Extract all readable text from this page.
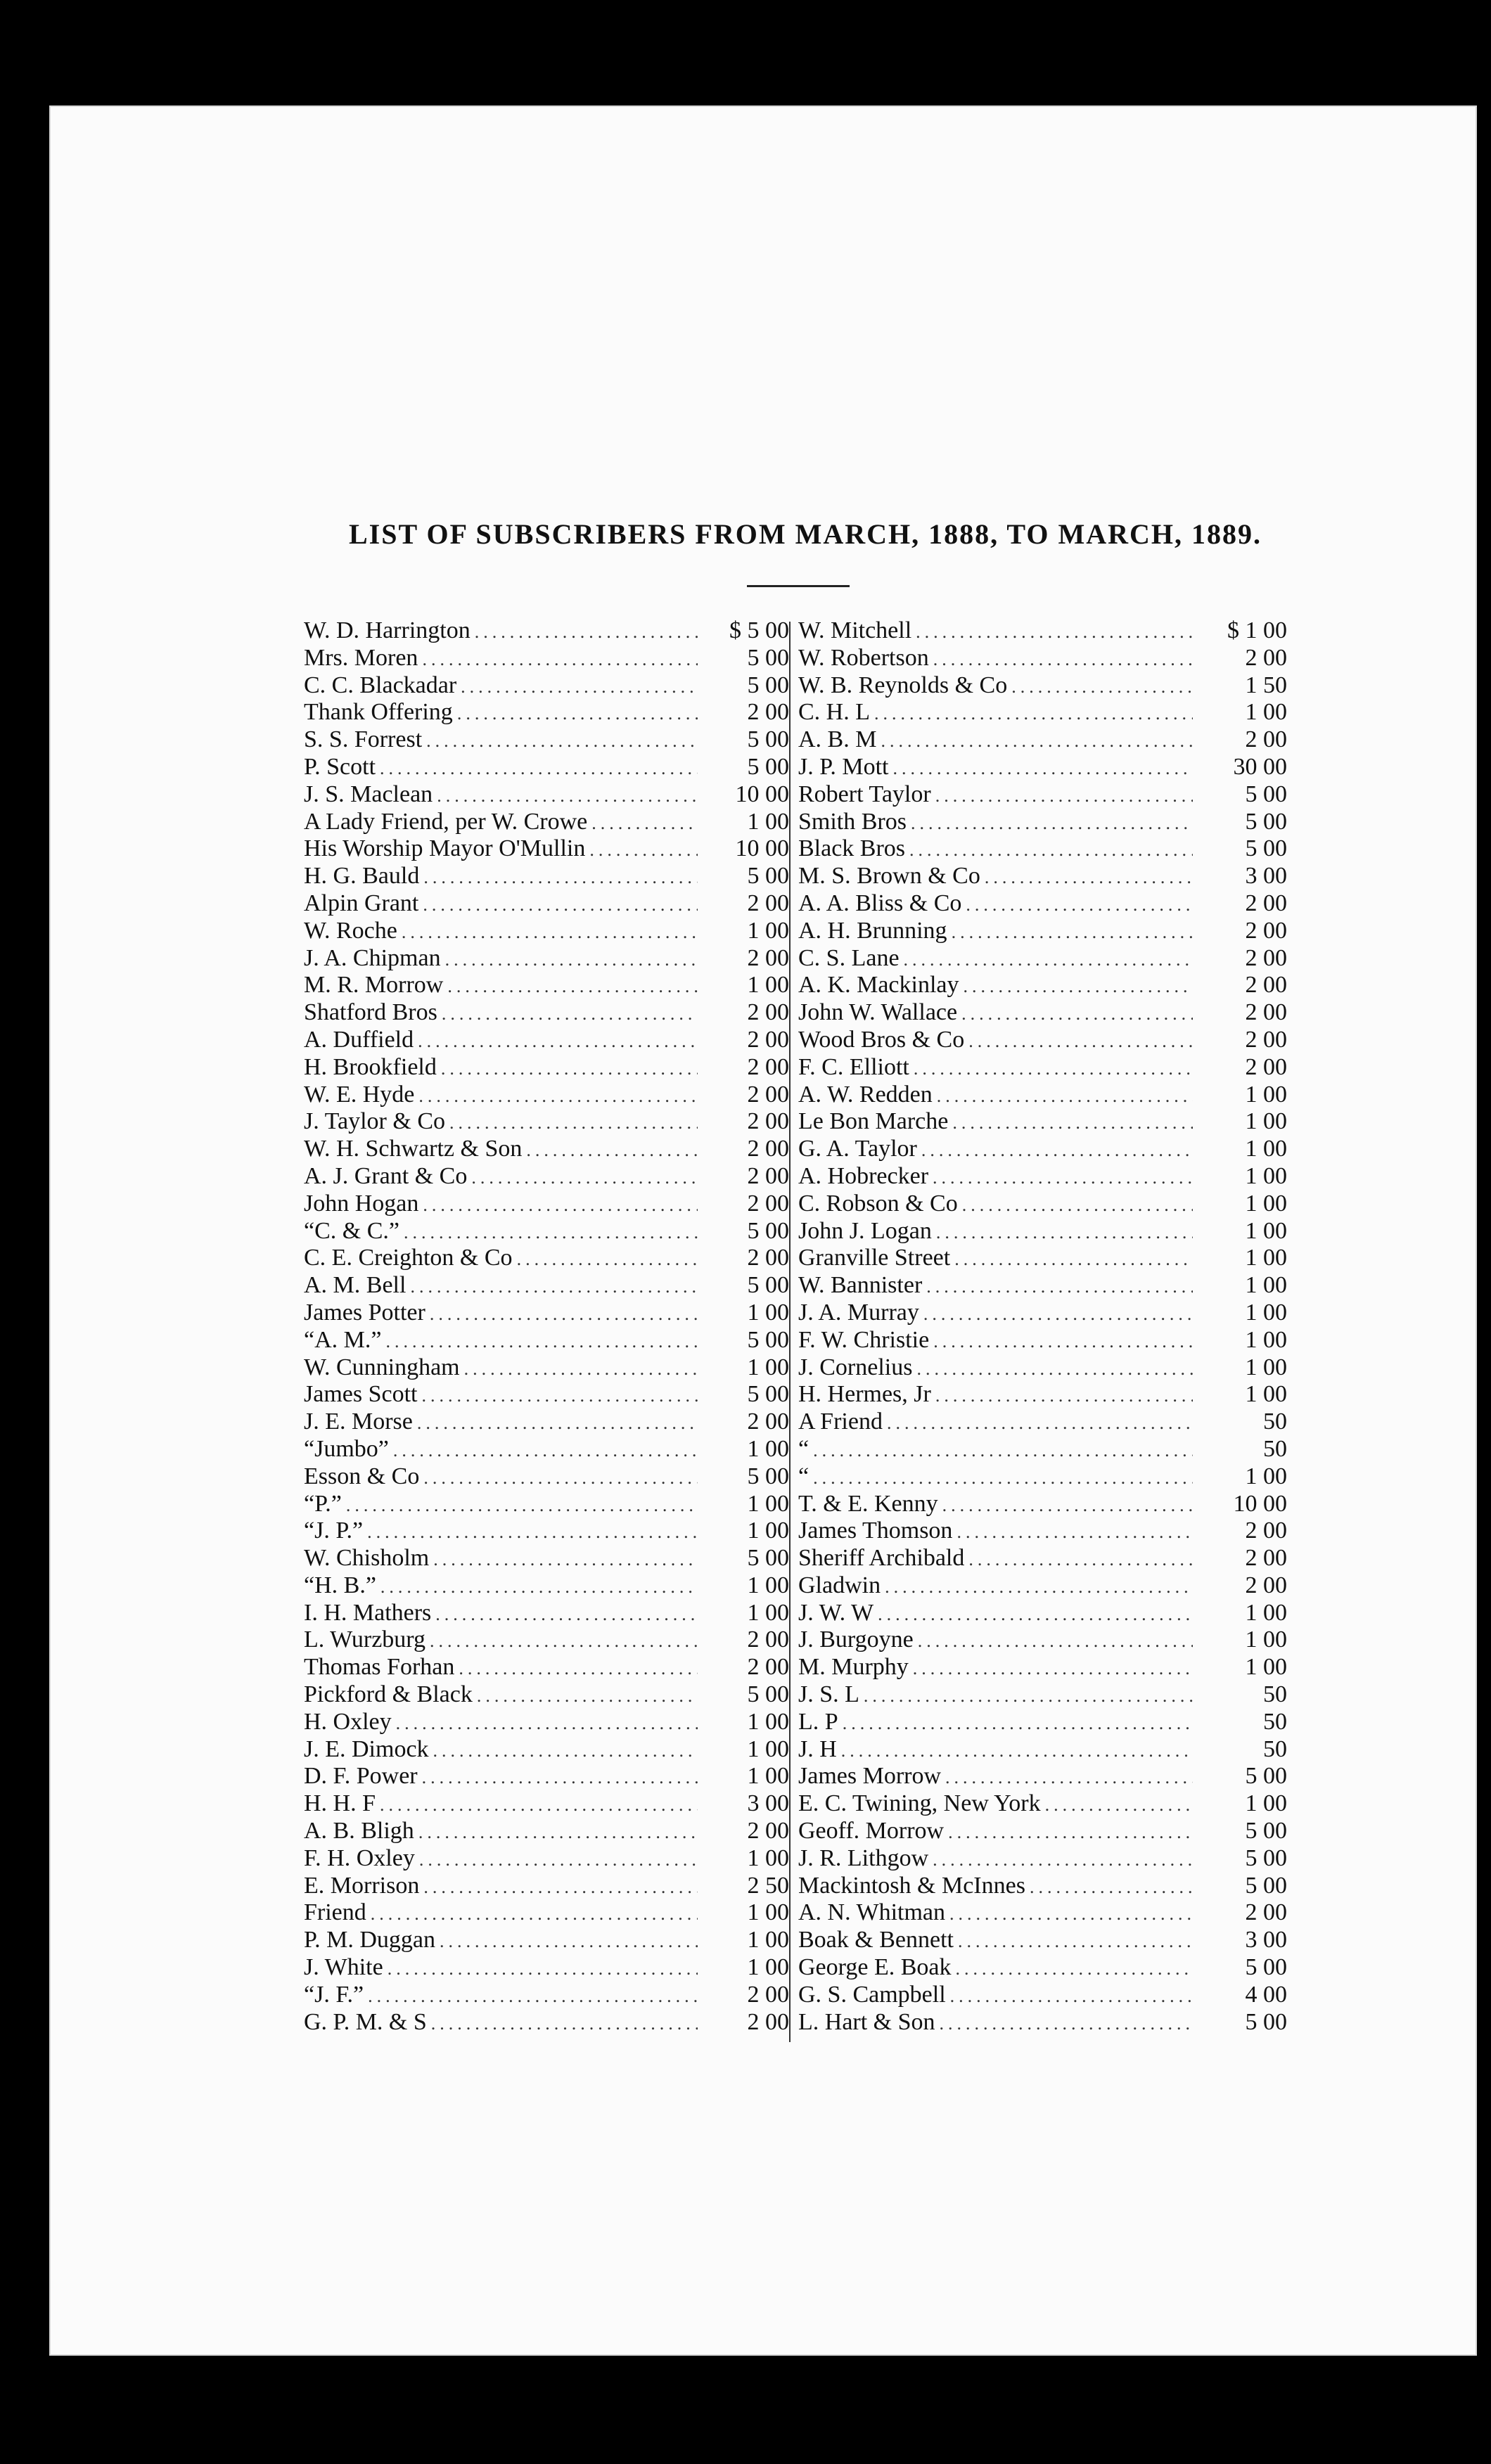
LIST OF SUBSCRIBERS FROM MARCH, 1888, TO MARCH, 1889.
W. D. Harrington .....	$ 5 00
Mrs. Moren .....	5 00
C. C. Blackadar .....	5 00
Thank Offering .....	2 00
S. S. Forrest .....	5 00
P. Scott .....	5 00
J. S. Maclean .....	10 00
A Lady Friend, per W. Crowe .....	1 00
His Worship Mayor O'Mullin .....	10 00
H. G. Bauld .....	5 00
Alpin Grant .....	2 00
W. Roche .....	1 00
J. A. Chipman .....	2 00
M. R. Morrow .....	1 00
Shatford Bros .....	2 00
A. Duffield .....	2 00
H. Brookfield .....	2 00
W. E. Hyde .....	2 00
J. Taylor & Co .....	2 00
W. H. Schwartz & Son .....	2 00
A. J. Grant & Co .....	2 00
John Hogan .....	2 00
“C. & C.” .....	5 00
C. E. Creighton & Co .....	2 00
A. M. Bell .....	5 00
James Potter .....	1 00
“A. M.” .....	5 00
W. Cunningham .....	1 00
James Scott .....	5 00
J. E. Morse .....	2 00
“Jumbo” .....	1 00
Esson & Co .....	5 00
“P.” .....	1 00
“J. P.” .....	1 00
W. Chisholm .....	5 00
“H. B.” .....	1 00
I. H. Mathers .....	1 00
L. Wurzburg .....	2 00
Thomas Forhan .....	2 00
Pickford & Black .....	5 00
H. Oxley .....	1 00
J. E. Dimock .....	1 00
D. F. Power .....	1 00
H. H. F .....	3 00
A. B. Bligh .....	2 00
F. H. Oxley .....	1 00
E. Morrison .....	2 50
Friend .....	1 00
P. M. Duggan .....	1 00
J. White .....	1 00
“J. F.” .....	2 00
G. P. M. & S .....	2 00
W. Mitchell .....	$ 1 00
W. Robertson .....	2 00
W. B. Reynolds & Co .....	1 50
C. H. L .....	1 00
A. B. M .....	2 00
J. P. Mott .....	30 00
Robert Taylor .....	5 00
Smith Bros .....	5 00
Black Bros .....	5 00
M. S. Brown & Co .....	3 00
A. A. Bliss & Co .....	2 00
A. H. Brunning .....	2 00
C. S. Lane .....	2 00
A. K. Mackinlay .....	2 00
John W. Wallace .....	2 00
Wood Bros & Co .....	2 00
F. C. Elliott .....	2 00
A. W. Redden .....	1 00
Le Bon Marche .....	1 00
G. A. Taylor .....	1 00
A. Hobrecker .....	1 00
C. Robson & Co .....	1 00
John J. Logan .....	1 00
Granville Street .....	1 00
W. Bannister .....	1 00
J. A. Murray .....	1 00
F. W. Christie .....	1 00
J. Cornelius .....	1 00
H. Hermes, Jr .....	1 00
A Friend .....	50
“ .....	50
“ .....	1 00
T. & E. Kenny .....	10 00
James Thomson .....	2 00
Sheriff Archibald .....	2 00
Gladwin .....	2 00
J. W. W .....	1 00
J. Burgoyne .....	1 00
M. Murphy .....	1 00
J. S. L .....	50
L. P .....	50
J. H .....	50
James Morrow .....	5 00
E. C. Twining, New York .....	1 00
Geoff. Morrow .....	5 00
J. R. Lithgow .....	5 00
Mackintosh & McInnes .....	5 00
A. N. Whitman .....	2 00
Boak & Bennett .....	3 00
George E. Boak .....	5 00
G. S. Campbell .....	4 00
L. Hart & Son .....	5 00
